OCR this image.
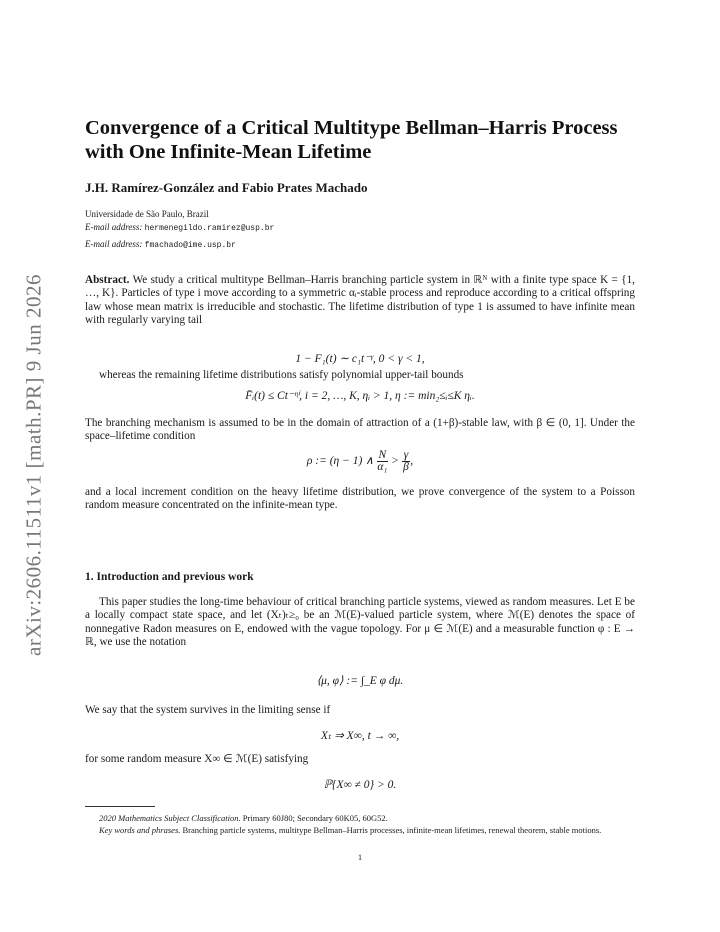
arXiv:2606.11511v1 [math.PR] 9 Jun 2026
Convergence of a Critical Multitype Bellman–Harris Process with One Infinite-Mean Lifetime
J.H. Ramírez-González and Fabio Prates Machado
Universidade de São Paulo, Brazil
E-mail address: hermenegildo.ramirez@usp.br
E-mail address: fmachado@ime.usp.br

Abstract. We study a critical multitype Bellman–Harris branching particle system in ℝᴺ with a finite type space K = {1, …, K}. Particles of type i move according to a symmetric αᵢ-stable process and reproduce according to a critical offspring law whose mean matrix is irreducible and stochastic. The lifetime distribution of type 1 is assumed to have infinite mean with regularly varying tail

1 − F₁(t) ∼ c₁t⁻ᵞ, 0 < γ < 1,

whereas the remaining lifetime distributions satisfy polynomial upper-tail bounds

F̄ᵢ(t) ≤ Ct⁻ᶯⁱ, i = 2, …, K, ηᵢ > 1, η := min₂≤ᵢ≤K ηᵢ.

The branching mechanism is assumed to be in the domain of attraction of a (1+β)-stable law, with β ∈ (0, 1]. Under the space–lifetime condition

ρ := (η − 1) ∧ $\frac{N}{\text{α₁}} > \frac{\gamma}{\beta}$ ,

and a local increment condition on the heavy lifetime distribution, we prove convergence of the system to a Poisson random measure concentrated on the infinite-mean type.

1. Introduction and previous work

This paper studies the long-time behaviour of critical branching particle systems, viewed as random measures. Let E be a locally compact state space, and let (Xₜ)ₜ≥₀ be an ℳ(E)-valued particle system, where ℳ(E) denotes the space of nonnegative Radon measures on E, endowed with the vague topology. For μ ∈ ℳ(E) and a measurable function φ : E → ℝ, we use the notation

⟨μ, φ⟩ := ∫_E φ dμ.

We say that the system survives in the limiting sense if

Xₜ ⇒ X∞, t → ∞,

for some random measure X∞ ∈ ℳ(E) satisfying

ℙ{X∞ ≠ 0} > 0.
2020 Mathematics Subject Classification. Primary 60J80; Secondary 60K05, 60G52.
Key words and phrases. Branching particle systems, multitype Bellman–Harris processes, infinite-mean lifetimes, renewal theorem, stable motions.
1
